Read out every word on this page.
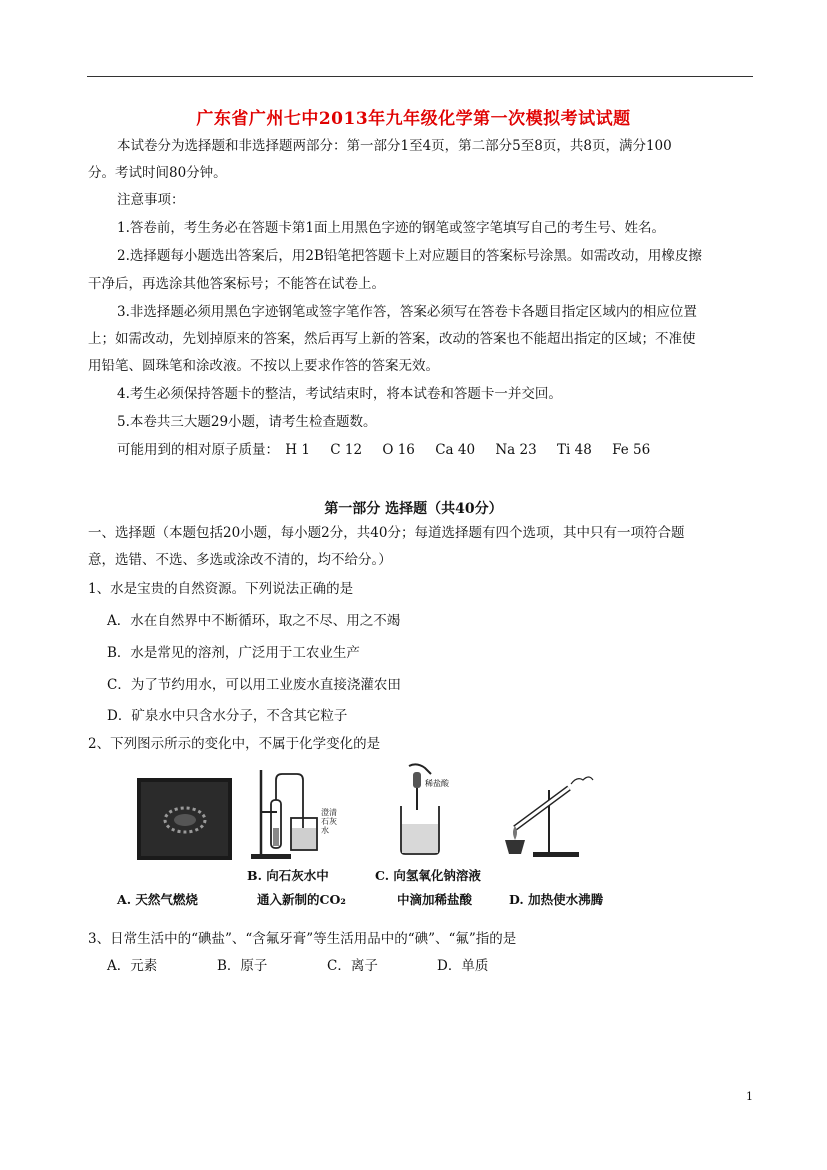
广东省广州七中2013年九年级化学第一次模拟考试试题
本试卷分为选择题和非选择题两部分：第一部分1至4页，第二部分5至8页，共8页，满分100
分。考试时间80分钟。
注意事项：
1.答卷前，考生务必在答题卡第1面上用黑色字迹的钢笔或签字笔填写自己的考生号、姓名。
2.选择题每小题选出答案后，用2B铅笔把答题卡上对应题目的答案标号涂黑。如需改动，用橡皮擦
干净后，再选涂其他答案标号；不能答在试卷上。
3.非选择题必须用黑色字迹钢笔或签字笔作答，答案必须写在答卷卡各题目指定区域内的相应位置
上；如需改动，先划掉原来的答案，然后再写上新的答案，改动的答案也不能超出指定的区域；不准使
用铅笔、圆珠笔和涂改液。不按以上要求作答的答案无效。
4.考生必须保持答题卡的整洁，考试结束时，将本试卷和答题卡一并交回。
5.本卷共三大题29小题，请考生检查题数。
可能用到的相对原子质量： H 1 C 12 O 16 Ca 40 Na 23 Ti 48 Fe 56
第一部分 选择题（共40分）
一、选择题（本题包括20小题，每小题2分，共40分；每道选择题有四个选项，其中只有一项符合题
意，选错、不选、多选或涂改不清的，均不给分。）
1、水是宝贵的自然资源。下列说法正确的是
A．水在自然界中不断循环，取之不尽、用之不竭
B．水是常见的溶剂，广泛用于工农业生产
C．为了节约用水，可以用工业废水直接浇灌农田
D．矿泉水中只含水分子，不含其它粒子
2、下列图示所示的变化中，不属于化学变化的是
澄清石灰水
稀盐酸
A. 天然气燃烧
B. 向石灰水中
通入新制的CO₂
C. 向氢氧化钠溶液
中滴加稀盐酸	D. 加热使水沸腾
3、日常生活中的“碘盐”、“含氟牙膏”等生活用品中的“碘”、“氟”指的是
A．元素	B．原子	C．离子	D．单质
1
